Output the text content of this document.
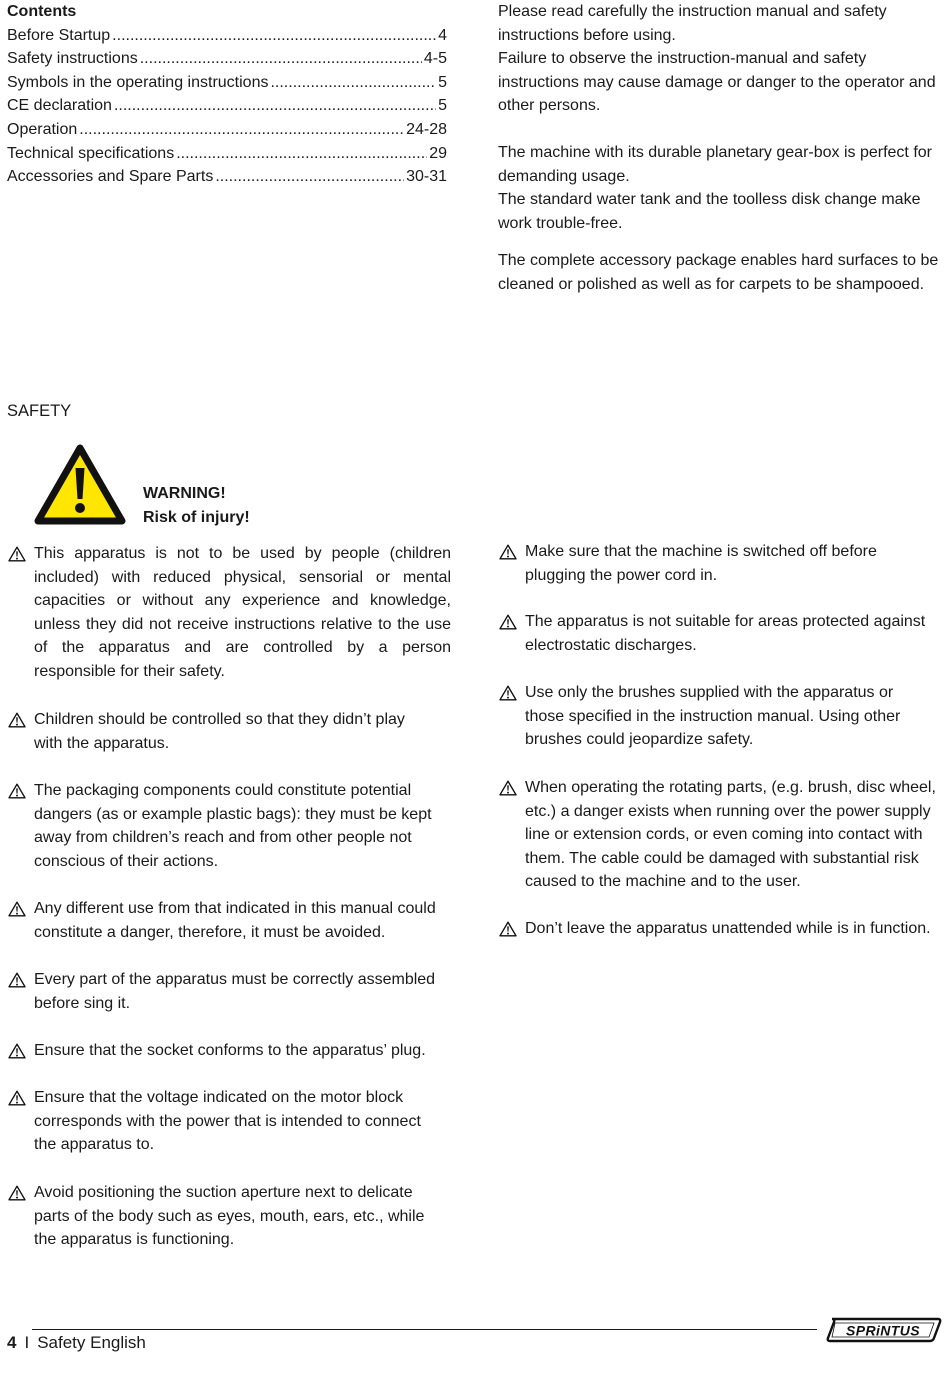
Contents
Before Startup .....	4
Safety instructions .....	4-5
Symbols in the operating instructions .....	5
CE declaration .....	5
Operation .....	24-28
Technical specifications .....	29
Accessories and Spare Parts .....	30-31

Please read carefully the instruction manual and safety instructions before using.

Failure to observe the instruction-manual and safety instructions may cause damage or danger to the operator and other persons.

The machine with its durable planetary gear-box is perfect for demanding usage.

The standard water tank and the toolless disk change make work trouble-free.

The complete accessory package enables hard surfaces to be cleaned or polished as well as for carpets to be shampooed.

SAFETY
WARNING!
Risk of injury!
This apparatus is not to be used by people (children included) with reduced physical, sensorial or mental capacities or without any experience and knowledge, unless they did not receive instructions relative to the use of the apparatus and are controlled by a person responsible for their safety.
Children should be controlled so that they didn’t play with the apparatus.
The packaging components could constitute potential dangers (as or example plastic bags): they must be kept away from children’s reach and from other people not conscious of their actions.
Any different use from that indicated in this manual could constitute a danger, therefore, it must be avoided.
Every part of the apparatus must be correctly assembled before sing it.
Ensure that the socket conforms to the apparatus’ plug.
Ensure that the voltage indicated on the motor block corresponds with the power that is intended to connect the apparatus to.
Avoid positioning the suction aperture next to delicate parts of the body such as eyes, mouth, ears, etc., while the apparatus is functioning.
Make sure that the machine is switched off before plugging the power cord in.
The apparatus is not suitable for areas protected against electrostatic discharges.
Use only the brushes supplied with the apparatus or those specified in the instruction manual. Using other brushes could jeopardize safety.
When operating the rotating parts, (e.g. brush, disc wheel, etc.) a danger exists when running over the power supply line or extension cords, or even coming into contact with them. The cable could be damaged with substantial risk caused to the machine and to the user.
Don’t leave the apparatus unattended while is in function.
4 I Safety English
SPRiNTUS
